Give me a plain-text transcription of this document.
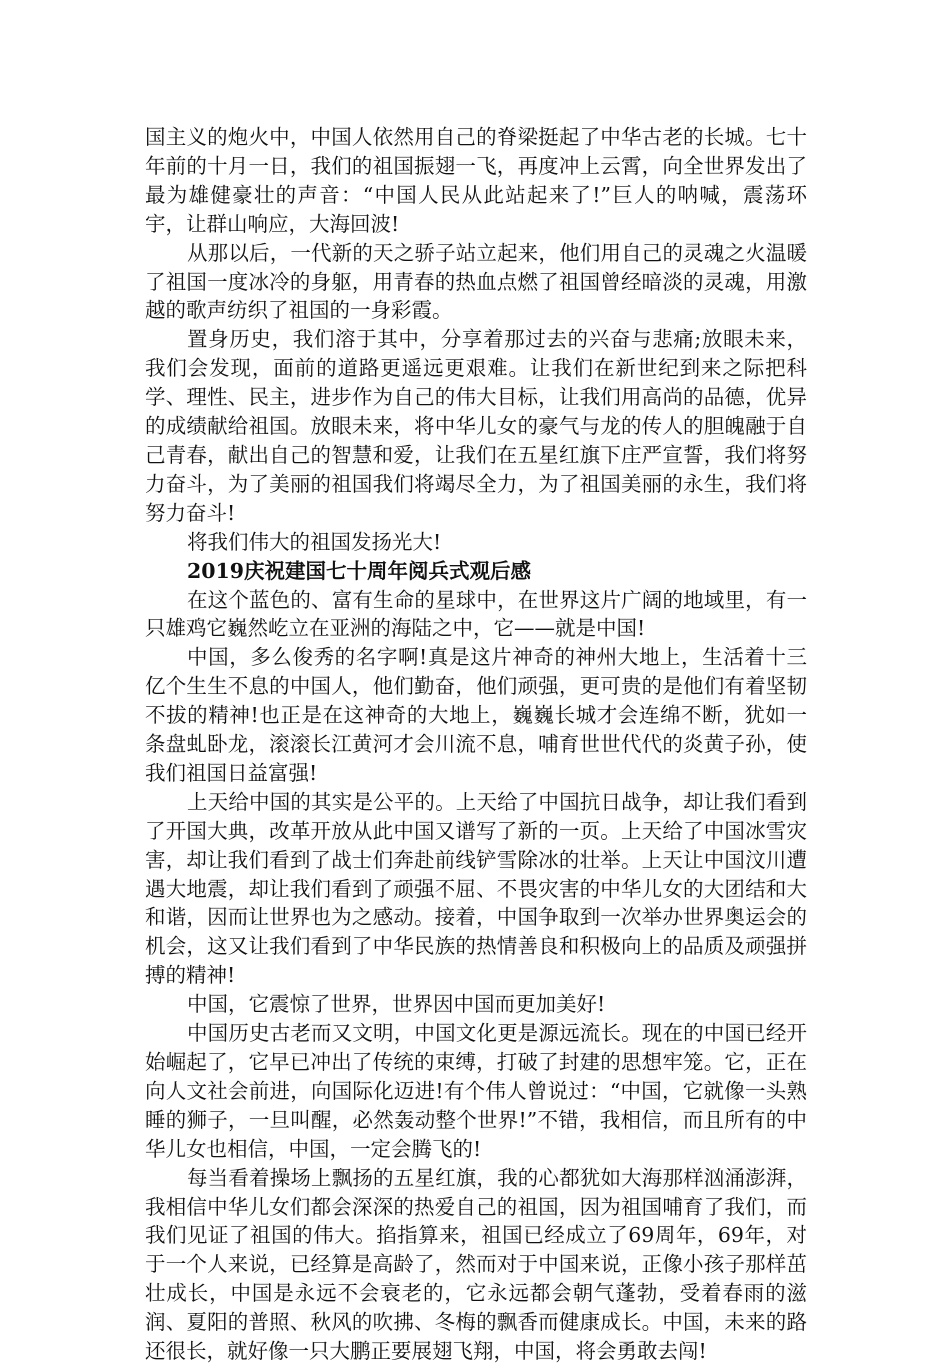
国主义的炮火中，中国人依然用自己的脊梁挺起了中华古老的长城。七十年前的十月一日，我们的祖国振翅一飞，再度冲上云霄，向全世界发出了最为雄健豪壮的声音：“中国人民从此站起来了!”巨人的呐喊，震荡环宇，让群山响应，大海回波!

从那以后，一代新的天之骄子站立起来，他们用自己的灵魂之火温暖了祖国一度冰冷的身躯，用青春的热血点燃了祖国曾经暗淡的灵魂，用激越的歌声纺织了祖国的一身彩霞。

置身历史，我们溶于其中，分享着那过去的兴奋与悲痛;放眼未来，我们会发现，面前的道路更遥远更艰难。让我们在新世纪到来之际把科学、理性、民主，进步作为自己的伟大目标，让我们用高尚的品德，优异的成绩献给祖国。放眼未来，将中华儿女的豪气与龙的传人的胆魄融于自己青春，献出自己的智慧和爱，让我们在五星红旗下庄严宣誓，我们将努力奋斗，为了美丽的祖国我们将竭尽全力，为了祖国美丽的永生，我们将努力奋斗!

将我们伟大的祖国发扬光大!

2019庆祝建国七十周年阅兵式观后感

在这个蓝色的、富有生命的星球中，在世界这片广阔的地域里，有一只雄鸡它巍然屹立在亚洲的海陆之中，它——就是中国!

中国，多么俊秀的名字啊!真是这片神奇的神州大地上，生活着十三亿个生生不息的中国人，他们勤奋，他们顽强，更可贵的是他们有着坚韧不拔的精神!也正是在这神奇的大地上，巍巍长城才会连绵不断，犹如一条盘虬卧龙，滚滚长江黄河才会川流不息，哺育世世代代的炎黄子孙，使我们祖国日益富强!

上天给中国的其实是公平的。上天给了中国抗日战争，却让我们看到了开国大典，改革开放从此中国又谱写了新的一页。上天给了中国冰雪灾害，却让我们看到了战士们奔赴前线铲雪除冰的壮举。上天让中国汶川遭遇大地震，却让我们看到了顽强不屈、不畏灾害的中华儿女的大团结和大和谐，因而让世界也为之感动。接着，中国争取到一次举办世界奥运会的机会，这又让我们看到了中华民族的热情善良和积极向上的品质及顽强拼搏的精神!

中国，它震惊了世界，世界因中国而更加美好!

中国历史古老而又文明，中国文化更是源远流长。现在的中国已经开始崛起了，它早已冲出了传统的束缚，打破了封建的思想牢笼。它，正在向人文社会前进，向国际化迈进!有个伟人曾说过：“中国，它就像一头熟睡的狮子，一旦叫醒，必然轰动整个世界!”不错，我相信，而且所有的中华儿女也相信，中国，一定会腾飞的!

每当看着操场上飘扬的五星红旗，我的心都犹如大海那样汹涌澎湃，我相信中华儿女们都会深深的热爱自己的祖国，因为祖国哺育了我们，而我们见证了祖国的伟大。掐指算来，祖国已经成立了69周年，69年，对于一个人来说，已经算是高龄了，然而对于中国来说，正像小孩子那样茁壮成长，中国是永远不会衰老的，它永远都会朝气蓬勃，受着春雨的滋润、夏阳的普照、秋风的吹拂、冬梅的飘香而健康成长。中国，未来的路还很长，就好像一只大鹏正要展翅飞翔，中国，将会勇敢去闯!
